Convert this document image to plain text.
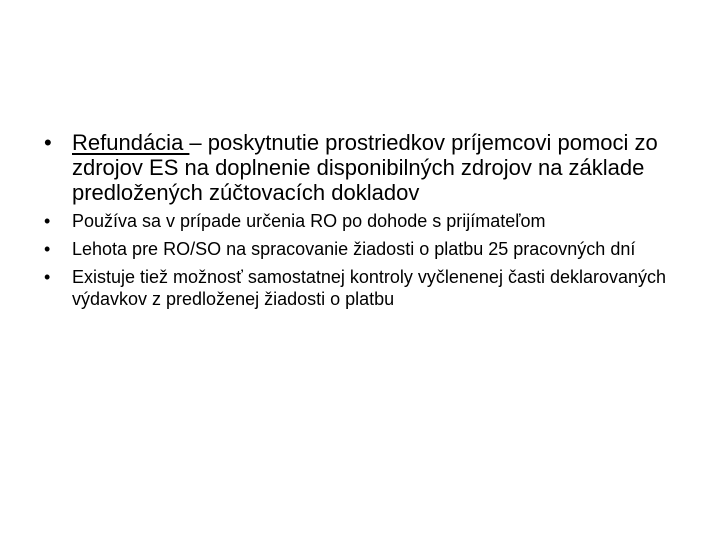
• Refundácia – poskytnutie prostriedkov príjemcovi pomoci zo zdrojov ES na doplnenie disponibilných zdrojov na základe predložených zúčtovacích dokladov
• Používa sa v prípade určenia RO po dohode s prijímateľom
• Lehota pre RO/SO na spracovanie žiadosti o platbu 25 pracovných dní
• Existuje tiež možnosť samostatnej kontroly vyčlenenej časti deklarovaných výdavkov z predloženej žiadosti o platbu
